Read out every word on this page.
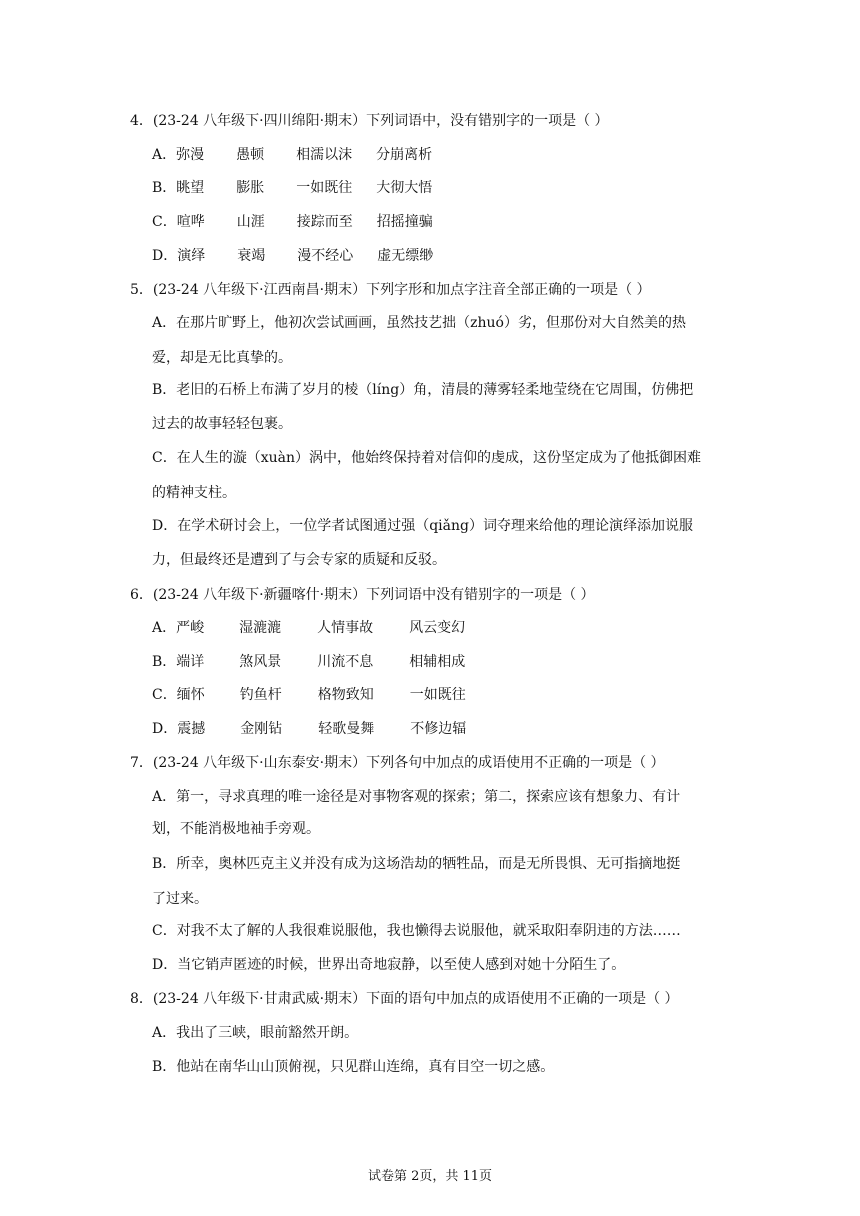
4．(23-24 八年级下·四川绵阳·期末）下列词语中，没有错别字的一项是（ ）
A．弥漫 愚顿 相濡以沫 分崩离析
B．眺望 膨胀 一如既往 大彻大悟
C．喧哗 山涯 接踪而至 招摇撞骗
D．演绎 衰竭 漫不经心 虚无缥缈
5．(23-24 八年级下·江西南昌·期末）下列字形和加点字注音全部正确的一项是（ ）
A．在那片旷野上，他初次尝试画画，虽然技艺拙（zhuó）劣，但那份对大自然美的热
爱，却是无比真挚的。
B．老旧的石桥上布满了岁月的棱（líng）角，清晨的薄雾轻柔地莹绕在它周围，仿佛把
过去的故事轻轻包裹。
C．在人生的漩（xuàn）涡中，他始终保持着对信仰的虔成，这份坚定成为了他抵御困难
的精神支柱。
D．在学术研讨会上，一位学者试图通过强（qiǎng）词夺理来给他的理论演绎添加说服
力，但最终还是遭到了与会专家的质疑和反驳。
6．(23-24 八年级下·新疆喀什·期末）下列词语中没有错别字的一项是（ ）
A．严峻	湿漉漉	人情事故	风云变幻
B．端详	煞风景	川流不息	相辅相成
C．缅怀	钓鱼杆	格物致知	一如既往
D．震撼	金刚钻	轻歌曼舞	不修边辐
7．(23-24 八年级下·山东泰安·期末）下列各句中加点的成语使用不正确的一项是（ ）
A．第一，寻求真理的唯一途径是对事物客观的探索；第二，探索应该有想象力、有计
划，不能消极地袖手旁观。
B．所幸，奥林匹克主义并没有成为这场浩劫的牺牲品，而是无所畏惧、无可指摘地挺
了过来。
C．对我不太了解的人我很难说服他，我也懒得去说服他，就采取阳奉阴违的方法……
D．当它销声匿迹的时候，世界出奇地寂静，以至使人感到对她十分陌生了。
8．(23-24 八年级下·甘肃武威·期末）下面的语句中加点的成语使用不正确的一项是（ ）
A．我出了三峡，眼前豁然开朗。
B．他站在南华山山顶俯视，只见群山连绵，真有目空一切之感。
试卷第 2页，共 11页
